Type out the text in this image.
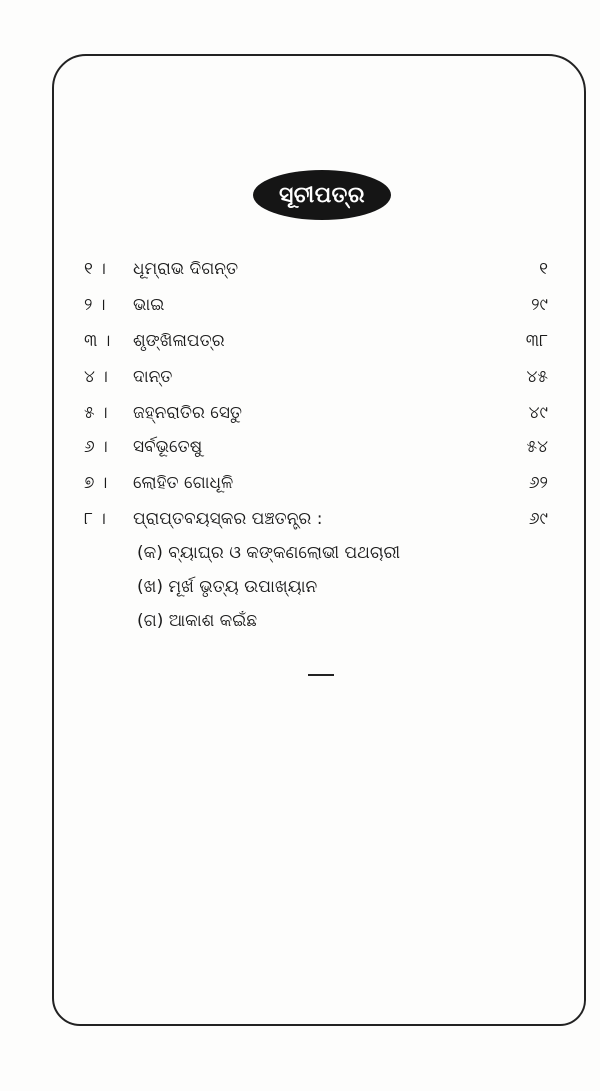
ସୂଚୀପତ୍ର
୧ ।	ଧୂମ୍ରାଭ ଦିଗନ୍ତ	୧
୨ ।	ଭାଇ	୨୯
୩ ।	ଶୃଙ୍ଖିଳାପତ୍ର	୩୮
୪ ।	ଦାନ୍ତ	୪୫
୫ ।	ଜହ୍ନରାତିର ସେତୁ	୪୯
୬ ।	ସର୍ବଭୂତେଷୁ	୫୪
୭ ।	ଲୋହିତ ଗୋଧୂଳି	୬୨
୮ ।	ପ୍ରାପ୍ତବୟସ୍କର ପଞ୍ଚତନ୍ତ୍ର :	୬୯
(କ) ବ୍ୟାଘ୍ର ଓ କଙ୍କଣଲୋଭୀ ପଥଚାରୀ
(ଖ) ମୂର୍ଖ ଭୃତ୍ୟ ଉପାଖ୍ୟାନ
(ଗ) ଆକାଶ କଇଁଛ
